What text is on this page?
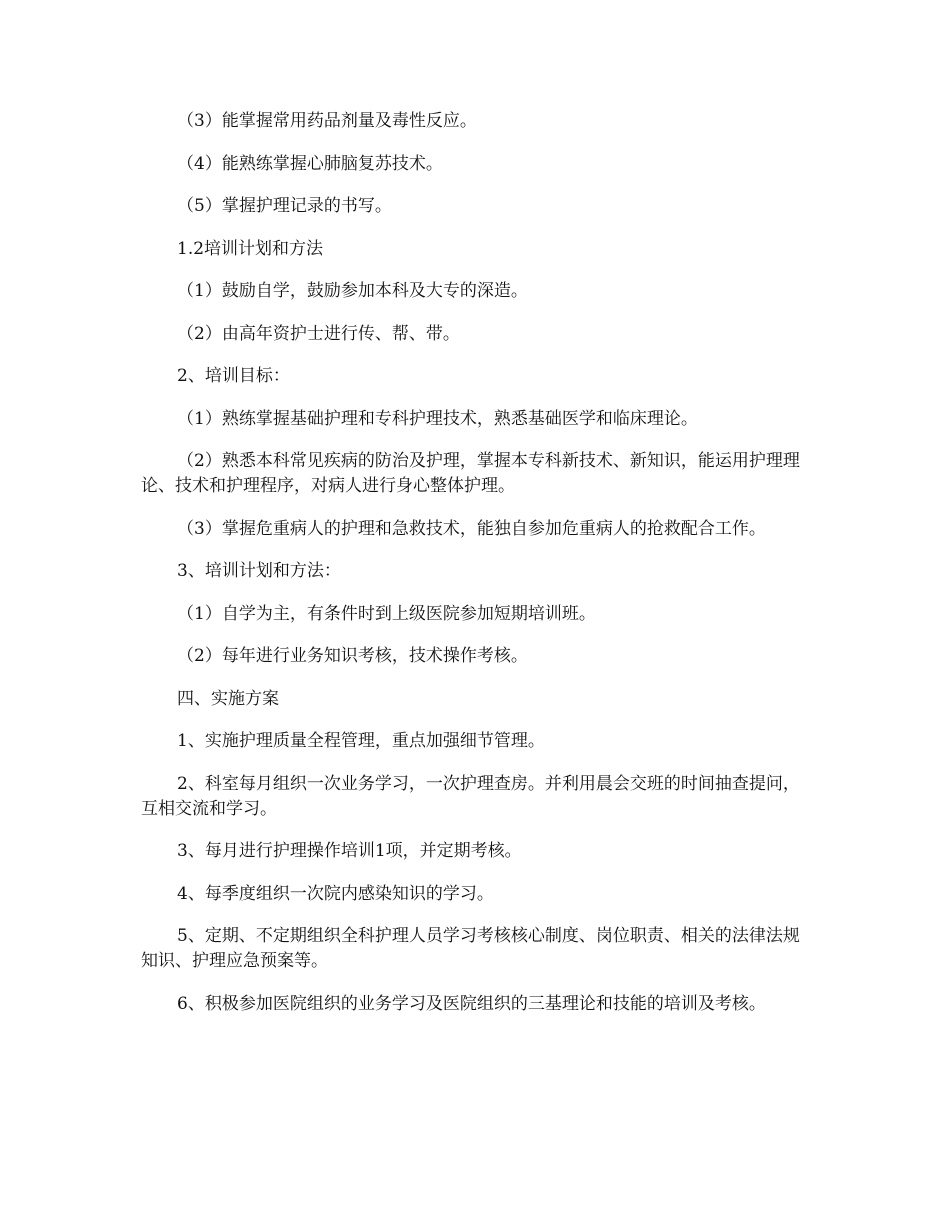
（3）能掌握常用药品剂量及毒性反应。

（4）能熟练掌握心肺脑复苏技术。

（5）掌握护理记录的书写。

1.2培训计划和方法

（1）鼓励自学，鼓励参加本科及大专的深造。

（2）由高年资护士进行传、帮、带。

2、培训目标：

（1）熟练掌握基础护理和专科护理技术，熟悉基础医学和临床理论。

（2）熟悉本科常见疾病的防治及护理，掌握本专科新技术、新知识，能运用护理理论、技术和护理程序，对病人进行身心整体护理。

（3）掌握危重病人的护理和急救技术，能独自参加危重病人的抢救配合工作。

3、培训计划和方法：

（1）自学为主，有条件时到上级医院参加短期培训班。

（2）每年进行业务知识考核，技术操作考核。

四、实施方案

1、实施护理质量全程管理，重点加强细节管理。

2、科室每月组织一次业务学习，一次护理查房。并利用晨会交班的时间抽查提问，互相交流和学习。

3、每月进行护理操作培训1项，并定期考核。

4、每季度组织一次院内感染知识的学习。

5、定期、不定期组织全科护理人员学习考核核心制度、岗位职责、相关的法律法规知识、护理应急预案等。

6、积极参加医院组织的业务学习及医院组织的三基理论和技能的培训及考核。
